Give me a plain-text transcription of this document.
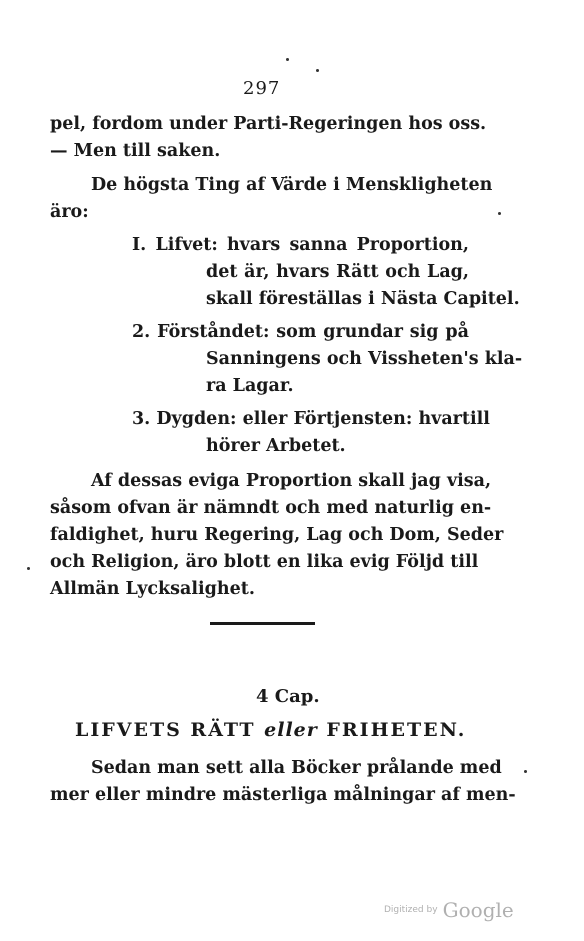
297
pel, fordom under Parti-Regeringen hos oss.
— Men till saken.
De högsta Ting af Värde i Menskligheten
äro:
I. Lifvet: hvars sanna Proportion,
det är, hvars Rätt och Lag,
skall föreställas i Nästa Capitel.
2. Förståndet: som grundar sig på
Sanningens och Vissheten's kla-
ra Lagar.
3. Dygden: eller Förtjensten: hvartill
hörer Arbetet.
Af dessas eviga Proportion skall jag visa,
såsom ofvan är nämndt och med naturlig en-
faldighet, huru Regering, Lag och Dom, Seder
och Religion, äro blott en lika evig Följd till
Allmän Lycksalighet.
4 Cap.
LIFVETS RÄTT eller FRIHETEN.
Sedan man sett alla Böcker prålande med
mer eller mindre mästerliga målningar af men-
Digitized by Google
